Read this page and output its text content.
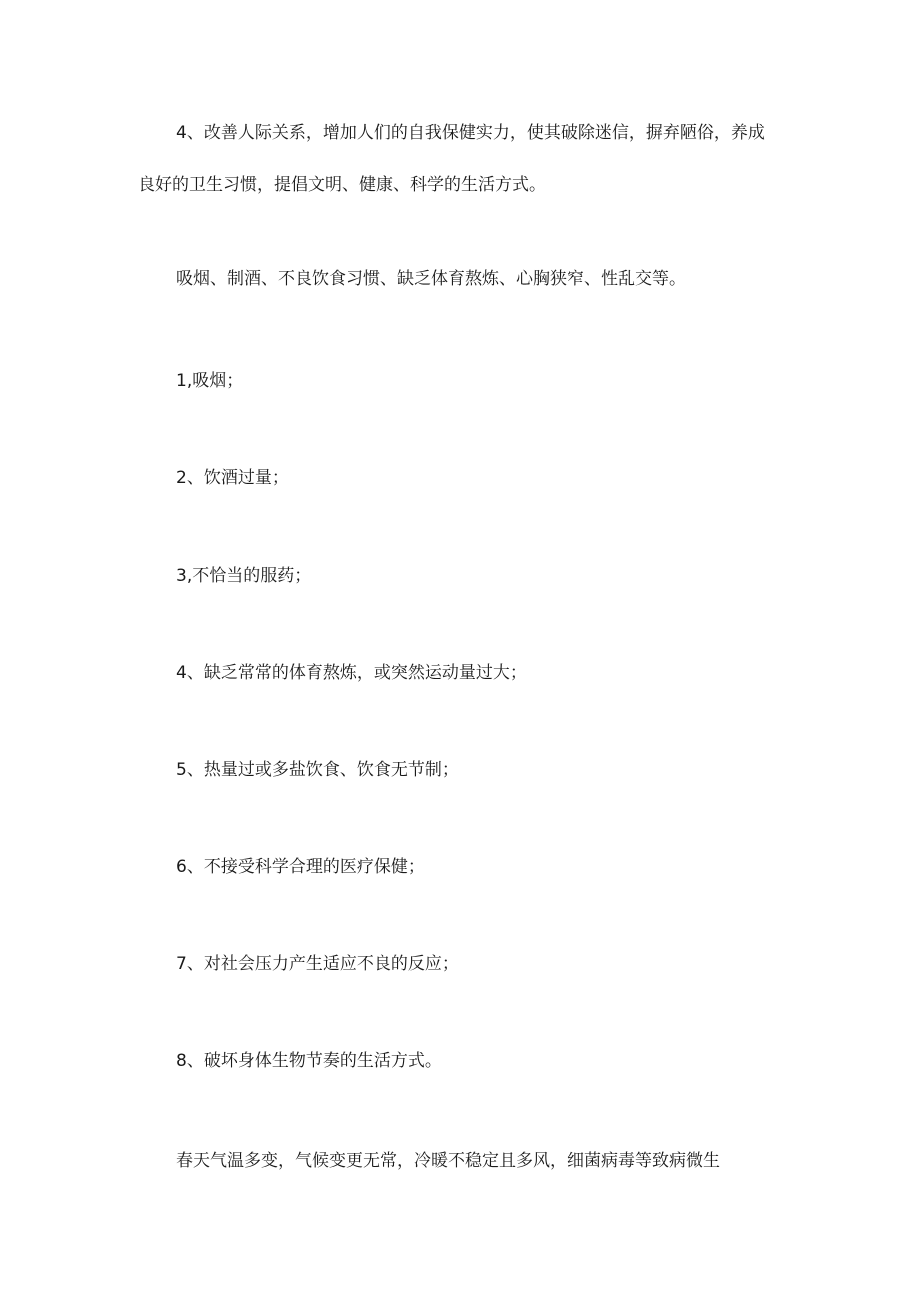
4、改善人际关系，增加人们的自我保健实力，使其破除迷信，摒弃陋俗，养成良好的卫生习惯，提倡文明、健康、科学的生活方式。

吸烟、制酒、不良饮食习惯、缺乏体育熬炼、心胸狭窄、性乱交等。

1,吸烟；

2、饮酒过量；

3,不恰当的服药；

4、缺乏常常的体育熬炼，或突然运动量过大；

5、热量过或多盐饮食、饮食无节制；

6、不接受科学合理的医疗保健；

7、对社会压力产生适应不良的反应；

8、破坏身体生物节奏的生活方式。

春天气温多变，气候变更无常，冷暖不稳定且多风，细菌病毒等致病微生
